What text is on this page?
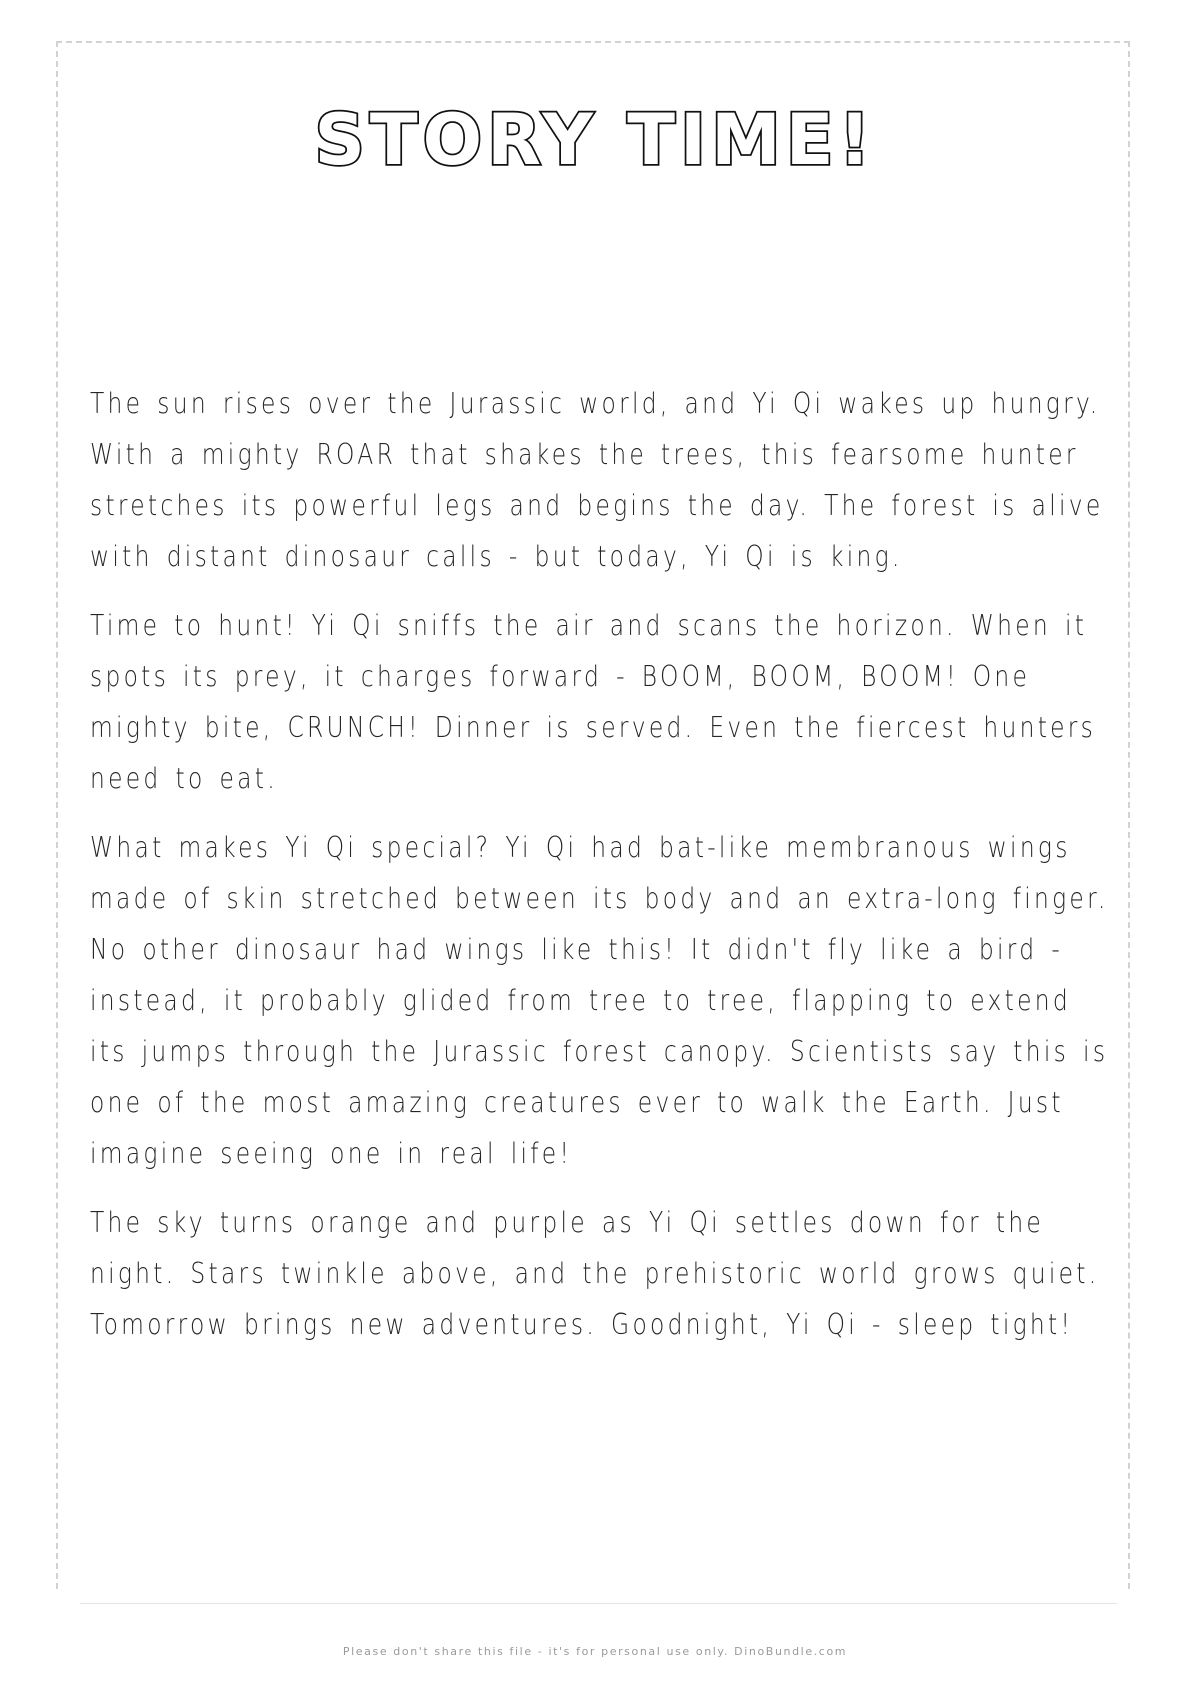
STORY TIME!

The sun rises over the Jurassic world, and Yi Qi wakes up hungry. With a mighty ROAR that shakes the trees, this fearsome hunter stretches its powerful legs and begins the day. The forest is alive with distant dinosaur calls - but today, Yi Qi is king.

Time to hunt! Yi Qi sniffs the air and scans the horizon. When it spots its prey, it charges forward - BOOM, BOOM, BOOM! One mighty bite, CRUNCH! Dinner is served. Even the fiercest hunters need to eat.

What makes Yi Qi special? Yi Qi had bat-like membranous wings made of skin stretched between its body and an extra-long finger. No other dinosaur had wings like this! It didn't fly like a bird - instead, it probably glided from tree to tree, flapping to extend its jumps through the Jurassic forest canopy. Scientists say this is one of the most amazing creatures ever to walk the Earth. Just imagine seeing one in real life!

The sky turns orange and purple as Yi Qi settles down for the night. Stars twinkle above, and the prehistoric world grows quiet. Tomorrow brings new adventures. Goodnight, Yi Qi - sleep tight!

Please don't share this file - it's for personal use only. DinoBundle.com
